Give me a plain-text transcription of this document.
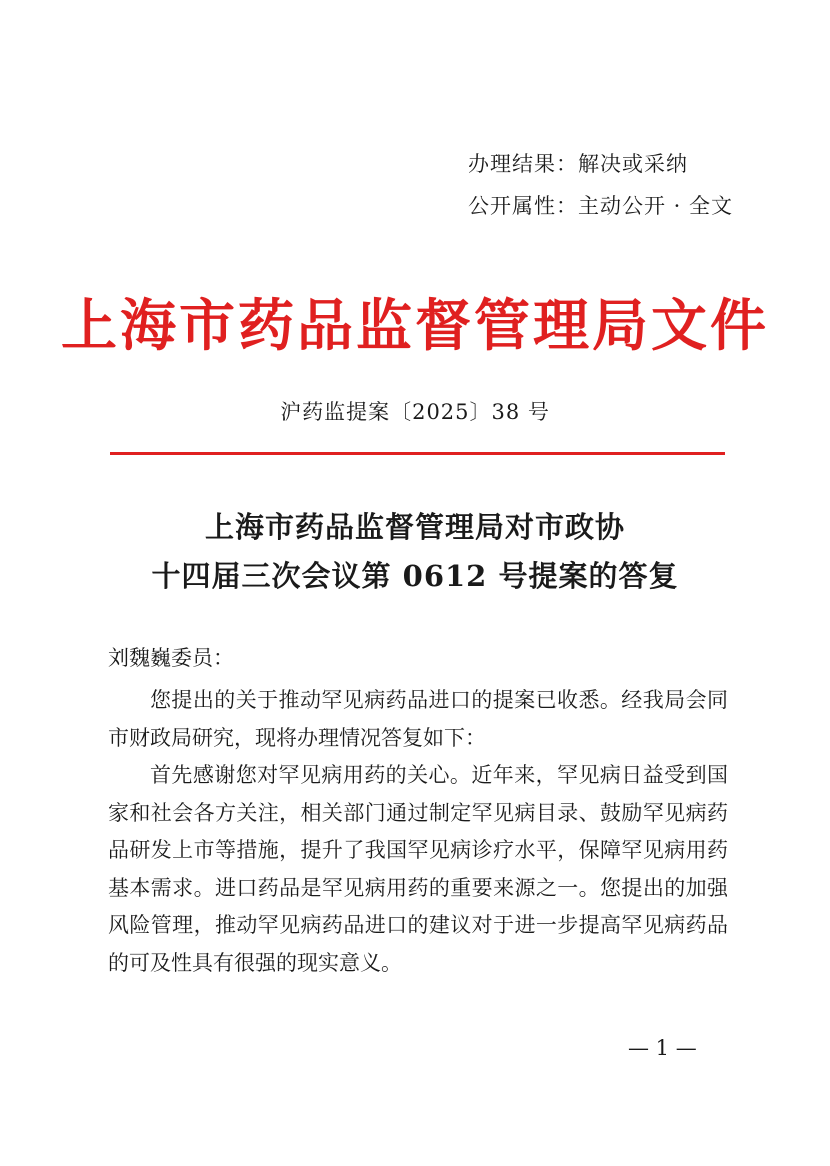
办理结果：解决或采纳
公开属性：主动公开 · 全文
上海市药品监督管理局文件
沪药监提案〔2025〕38 号
上海市药品监督管理局对市政协
十四届三次会议第 0612 号提案的答复
刘魏巍委员：

您提出的关于推动罕见病药品进口的提案已收悉。经我局会同市财政局研究，现将办理情况答复如下：

首先感谢您对罕见病用药的关心。近年来，罕见病日益受到国家和社会各方关注，相关部门通过制定罕见病目录、鼓励罕见病药品研发上市等措施，提升了我国罕见病诊疗水平，保障罕见病用药基本需求。进口药品是罕见病用药的重要来源之一。您提出的加强风险管理，推动罕见病药品进口的建议对于进一步提高罕见病药品的可及性具有很强的现实意义。

— 1 —
